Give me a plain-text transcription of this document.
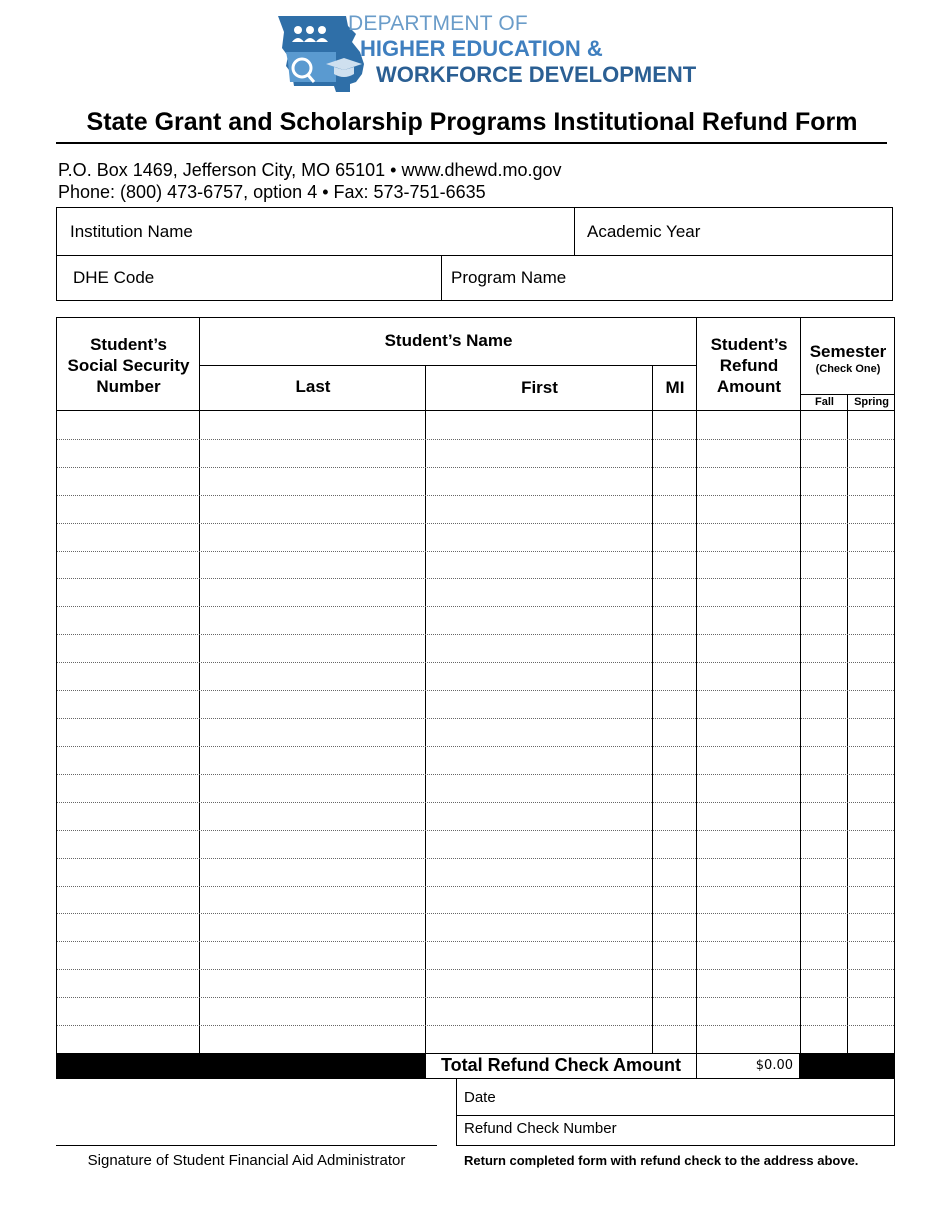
DEPARTMENT OF
HIGHER EDUCATION &
WORKFORCE DEVELOPMENT
State Grant and Scholarship Programs Institutional Refund Form
P.O. Box 1469, Jefferson City, MO 65101 • www.dhewd.mo.gov
Phone: (800) 473-6757, option 4 • Fax: 573-751-6635
Institution Name	Academic Year
DHE Code	Program Name
Student’s
Social Security
Number
Student’s Name
Last	First	MI
Student’s
Refund
Amount
Semester
(Check One)
Fall	Spring
Total Refund Check Amount	$0.00
Date
Refund Check Number
Signature of Student Financial Aid Administrator	Return completed form with refund check to the address above.
